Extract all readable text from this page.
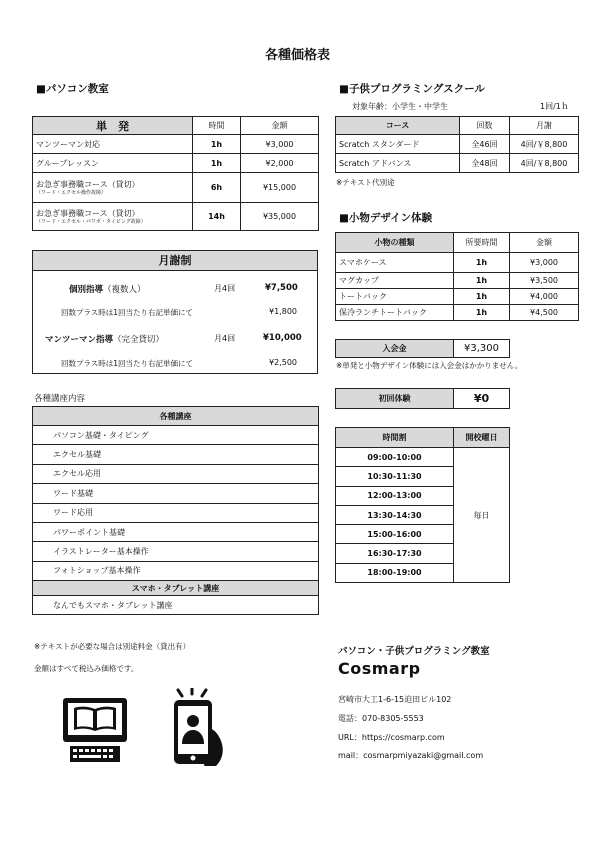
各種価格表
■パソコン教室
単　発	時間	金額
マンツーマン対応	1h	¥3,000
グループレッスン	1h	¥2,000
お急ぎ事務職コース（貸切）
（ワード・エクセル操作故障）	6h	¥15,000
お急ぎ事務職コース（貸切）
（ワード・エクセル・パワポ・タイピング故障）	14h	¥35,000
月謝制
個別指導（複数人）	月4回	¥7,500
回数プラス時は1回当たり右記単価にて	¥1,800
マンツーマン指導（完全貸切）	月4回	¥10,000
回数プラス時は1回当たり右記単価にて	¥2,500
各種講座内容
各種講座
パソコン基礎・タイピング
エクセル基礎
エクセル応用
ワード基礎
ワード応用
パワーポイント基礎
イラストレーター基本操作
フォトショップ基本操作
スマホ・タブレット講座
なんでもスマホ・タブレット講座
※テキストが必要な場合は別途料金（貸出有）
金額はすべて税込み価格です。
■子供プログラミングスクール
対象年齢：小学生・中学生	1回/1ｈ
コース	回数	月謝
Scratch スタンダード	全46回	4回/￥8,800
Scratch アドバンス	全48回	4回/￥8,800
※テキスト代別途
■小物デザイン体験
小物の種類	所要時間	金額
スマホケース	1h	¥3,000
マグカップ	1h	¥3,500
トートバック	1h	¥4,000
保冷ランチトートバック	1h	¥4,500
入会金	¥3,300
※単発と小物デザイン体験には入会金はかかりません。
初回体験	¥0
時間割	開校曜日
09:00-10:00	毎日
10:30-11:30	
12:00-13:00	
13:30-14:30	
15:00-16:00	
16:30-17:30	
18:00-19:00	
パソコン・子供プログラミング教室
Cosmarp
宮崎市大工1-6-15迫田ビル102
電話：070-8305-5553
URL：https://cosmarp.com
mail：cosmarpmiyazaki@gmail.com
